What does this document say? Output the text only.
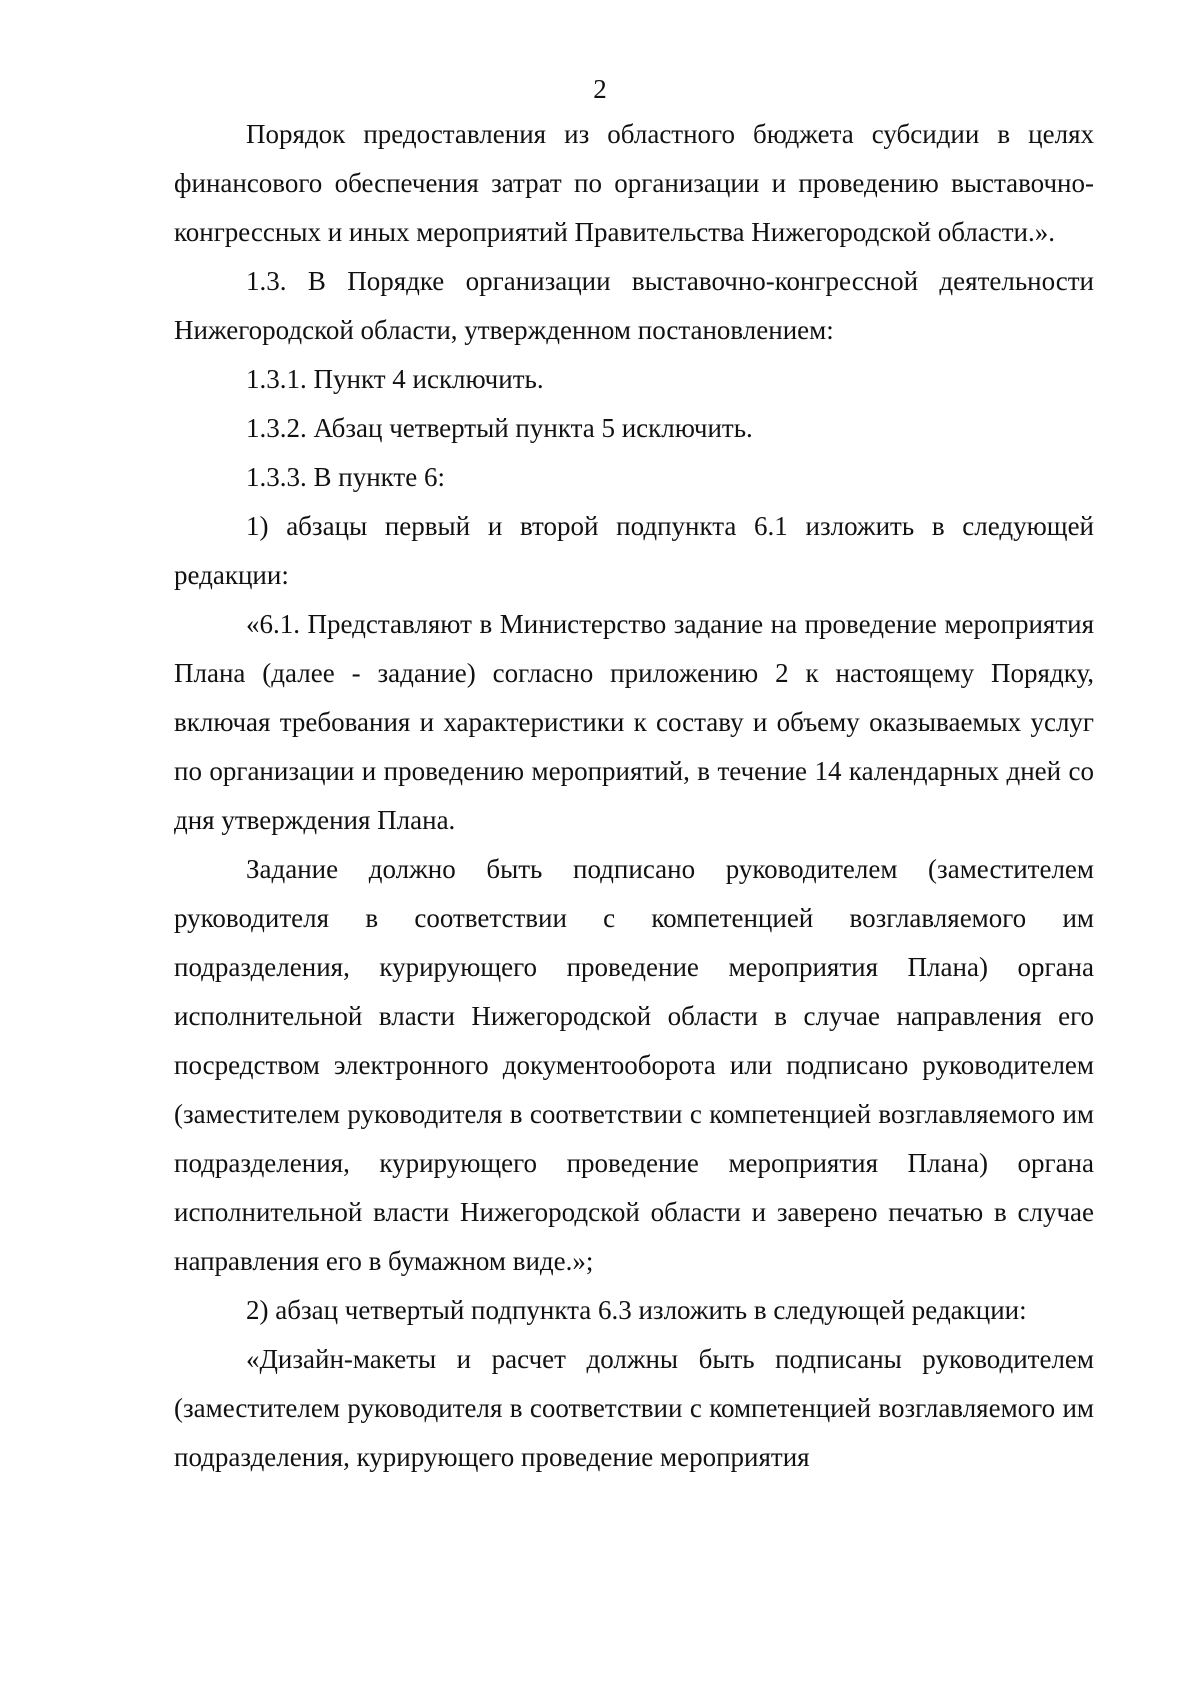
2

Порядок предоставления из областного бюджета субсидии в целях финансового обеспечения затрат по организации и проведению выставочно-конгрессных и иных мероприятий Правительства Нижегородской области.».

1.3. В Порядке организации выставочно-конгрессной деятельности Нижегородской области, утвержденном постановлением:

1.3.1. Пункт 4 исключить.

1.3.2. Абзац четвертый пункта 5 исключить.

1.3.3. В пункте 6:

1) абзацы первый и второй подпункта 6.1 изложить в следующей редакции:

«6.1. Представляют в Министерство задание на проведение мероприятия Плана (далее - задание) согласно приложению 2 к настоящему Порядку, включая требования и характеристики к составу и объему оказываемых услуг по организации и проведению мероприятий, в течение 14 календарных дней со дня утверждения Плана.

Задание должно быть подписано руководителем (заместителем руководителя в соответствии с компетенцией возглавляемого им подразделения, курирующего проведение мероприятия Плана) органа исполнительной власти Нижегородской области в случае направления его посредством электронного документооборота или подписано руководителем (заместителем руководителя в соответствии с компетенцией возглавляемого им подразделения, курирующего проведение мероприятия Плана) органа исполнительной власти Нижегородской области и заверено печатью в случае направления его в бумажном виде.»;

2) абзац четвертый подпункта 6.3 изложить в следующей редакции:

«Дизайн-макеты и расчет должны быть подписаны руководителем (заместителем руководителя в соответствии с компетенцией возглавляемого им подразделения, курирующего проведение мероприятия
